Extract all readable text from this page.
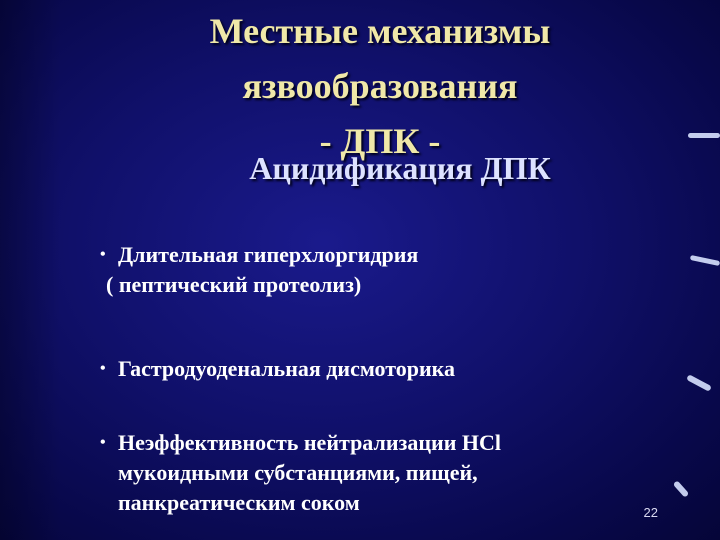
Местные механизмы
язвообразования
- ДПК -
Ацидификация ДПК
• Длительная гиперхлоргидрия
( пептический протеолиз)
• Гастродуоденальная дисмоторика
• Неэффективность нейтрализации HCl
мукоидными субстанциями, пищей,
панкреатическим соком	22
